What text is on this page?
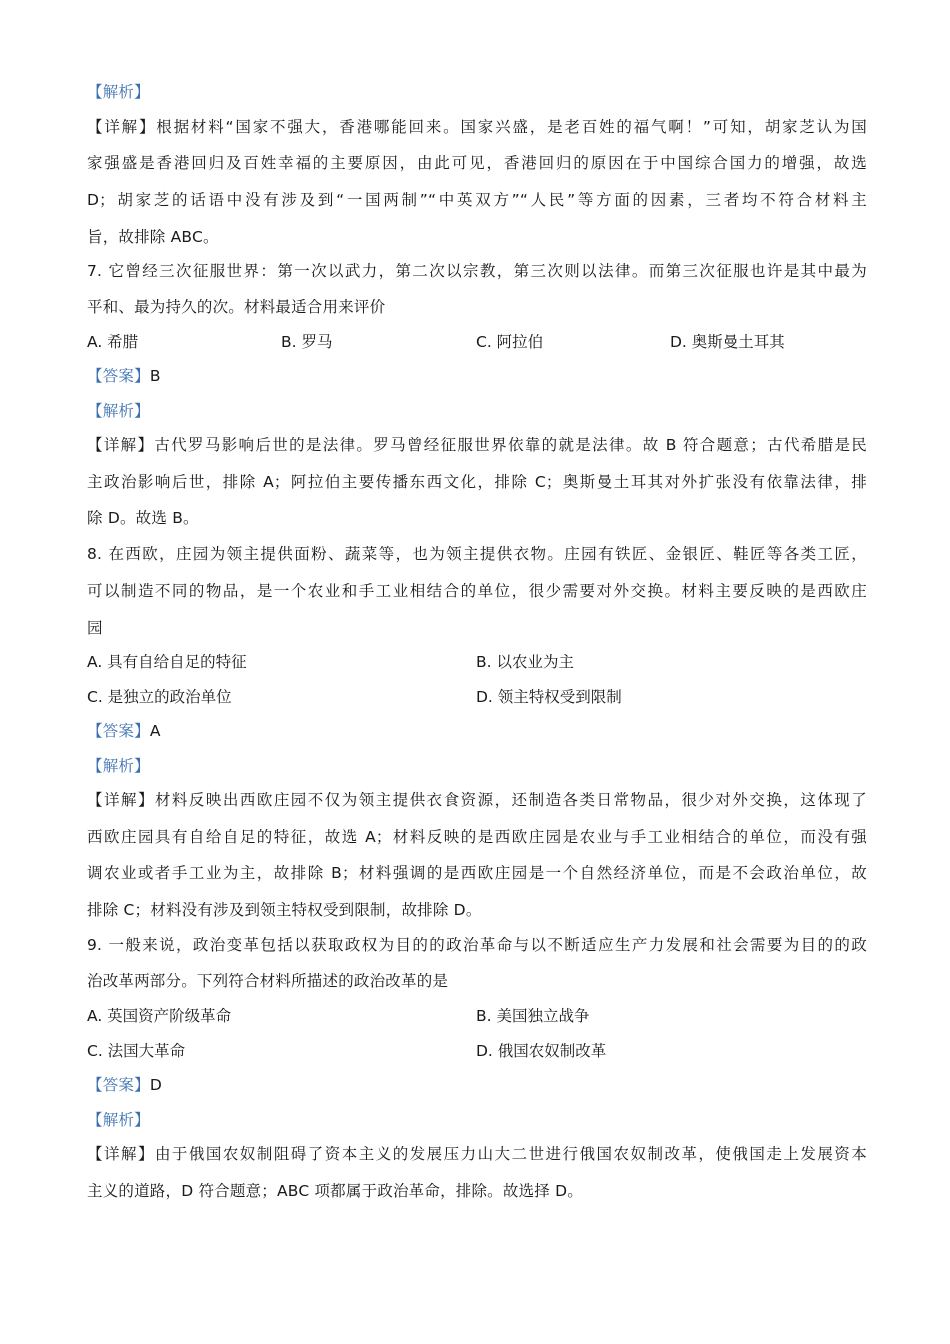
【解析】
【详解】根据材料“国家不强大，香港哪能回来。国家兴盛，是老百姓的福气啊！”可知，胡家芝认为国
家强盛是香港回归及百姓幸福的主要原因，由此可见，香港回归的原因在于中国综合国力的增强，故选
D；胡家芝的话语中没有涉及到“一国两制”“中英双方”“人民”等方面的因素，三者均不符合材料主
旨，故排除 ABC。
7. 它曾经三次征服世界：第一次以武力，第二次以宗教，第三次则以法律。而第三次征服也许是其中最为
平和、最为持久的次。材料最适合用来评价
A. 希腊	B. 罗马	C. 阿拉伯	D. 奥斯曼土耳其
【答案】B
【解析】
【详解】古代罗马影响后世的是法律。罗马曾经征服世界依靠的就是法律。故 B 符合题意；古代希腊是民
主政治影响后世，排除 A；阿拉伯主要传播东西文化，排除 C；奥斯曼土耳其对外扩张没有依靠法律，排
除 D。故选 B。
8. 在西欧，庄园为领主提供面粉、蔬菜等，也为领主提供衣物。庄园有铁匠、金银匠、鞋匠等各类工匠，
可以制造不同的物品，是一个农业和手工业相结合的单位，很少需要对外交换。材料主要反映的是西欧庄
园
A. 具有自给自足的特征	B. 以农业为主
C. 是独立的政治单位	D. 领主特权受到限制
【答案】A
【解析】
【详解】材料反映出西欧庄园不仅为领主提供衣食资源，还制造各类日常物品，很少对外交换，这体现了
西欧庄园具有自给自足的特征，故选 A；材料反映的是西欧庄园是农业与手工业相结合的单位，而没有强
调农业或者手工业为主，故排除 B；材料强调的是西欧庄园是一个自然经济单位，而是不会政治单位，故
排除 C；材料没有涉及到领主特权受到限制，故排除 D。
9. 一般来说，政治变革包括以获取政权为目的的政治革命与以不断适应生产力发展和社会需要为目的的政
治改革两部分。下列符合材料所描述的政治改革的是
A. 英国资产阶级革命	B. 美国独立战争
C. 法国大革命	D. 俄国农奴制改革
【答案】D
【解析】
【详解】由于俄国农奴制阻碍了资本主义的发展压力山大二世进行俄国农奴制改革，使俄国走上发展资本
主义的道路，D 符合题意；ABC 项都属于政治革命，排除。故选择 D。
